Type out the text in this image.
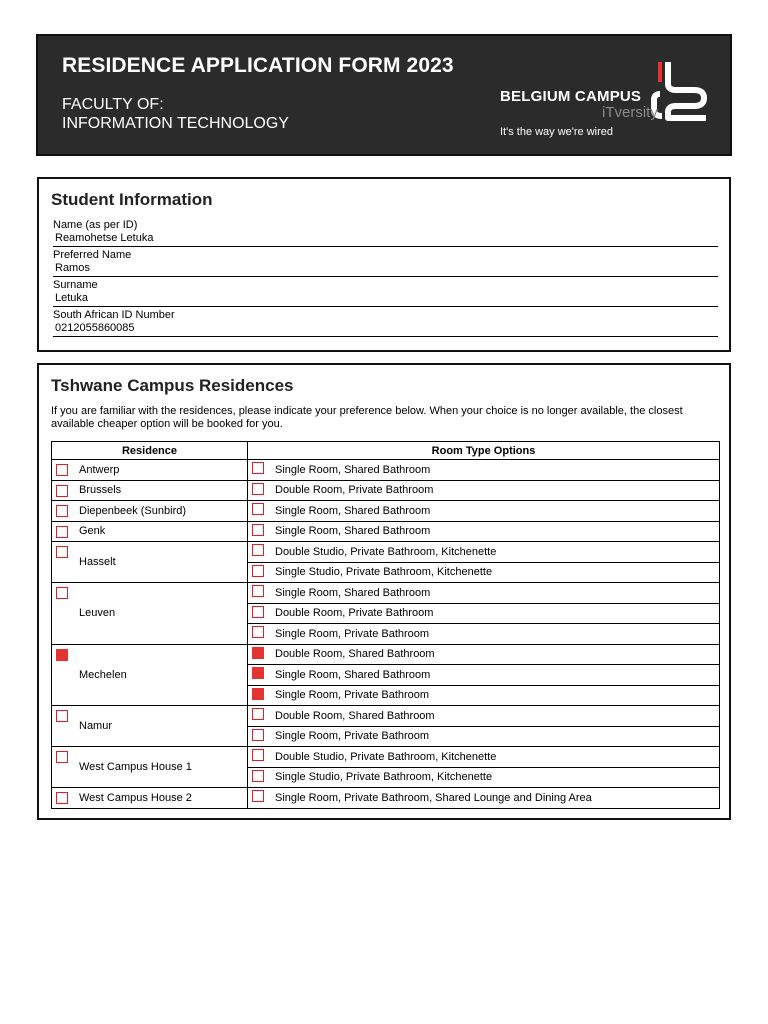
RESIDENCE APPLICATION FORM 2023
FACULTY OF:
INFORMATION TECHNOLOGY
BELGIUM CAMPUS
iTversity
It's the way we're wired
Student Information
Name (as per ID)
Reamohetse Letuka
Preferred Name
Ramos
Surname
Letuka
South African ID Number
0212055860085
Tshwane Campus Residences
If you are familiar with the residences, please indicate your preference below. When your choice is no longer available, the closest available cheaper option will be booked for you.
Residence	Room Type Options

Antwerp	Single Room, Shared Bathroom

Brussels	Double Room, Private Bathroom

Diepenbeek (Sunbird)	Single Room, Shared Bathroom

Genk	Single Room, Shared Bathroom

Hasselt	Double Studio, Private Bathroom, Kitchenette

	Single Studio, Private Bathroom, Kitchenette

Leuven	Single Room, Shared Bathroom

	Double Room, Private Bathroom

	Single Room, Private Bathroom

Mechelen	Double Room, Shared Bathroom

	Single Room, Shared Bathroom

	Single Room, Private Bathroom

Namur	Double Room, Shared Bathroom

	Single Room, Private Bathroom

West Campus House 1	Double Studio, Private Bathroom, Kitchenette

	Single Studio, Private Bathroom, Kitchenette

West Campus House 2	Single Room, Private Bathroom, Shared Lounge and Dining Area
